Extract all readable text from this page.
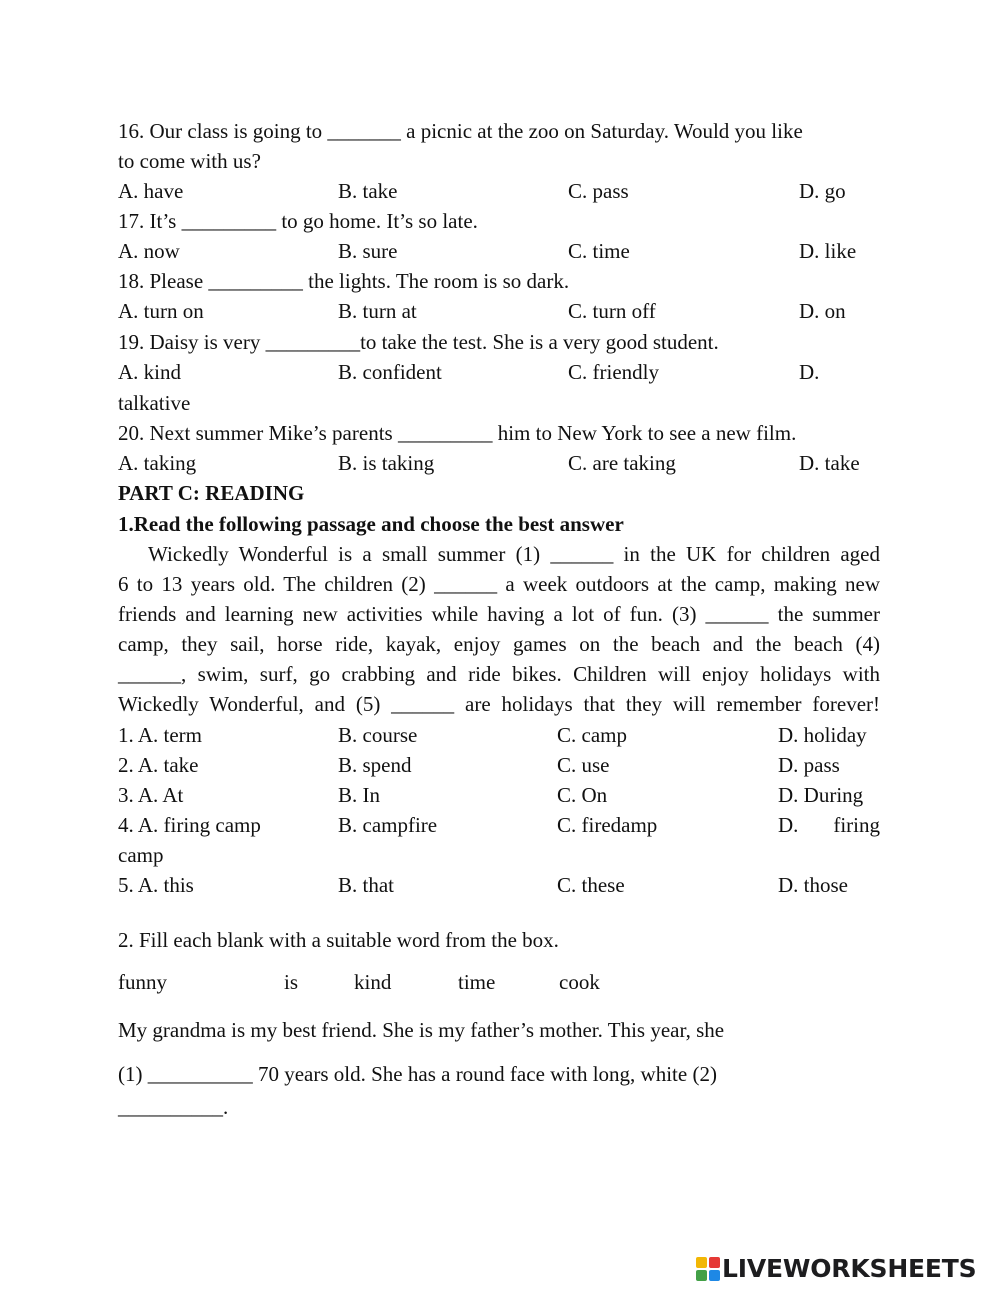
16. Our class is going to _______ a picnic at the zoo on Saturday. Would you like
to come with us?
A. have	B. take	C. pass	D. go
17. It’s _________ to go home. It’s so late.
A. now	B. sure	C. time	D. like
18. Please _________ the lights. The room is so dark.
A. turn on	B. turn at	C. turn off	D. on
19. Daisy is very _________to take the test. She is a very good student.
A. kind	B. confident	C. friendly	D.
talkative
20. Next summer Mike’s parents _________ him to New York to see a new film.
A. taking	B. is taking	C. are taking	D. take
PART C: READING
1.Read the following passage and choose the best answer
Wickedly Wonderful is a small summer (1) ______ in the UK for children aged
6 to 13 years old. The children (2) ______ a week outdoors at the camp, making new
friends and learning new activities while having a lot of fun. (3) ______ the summer
camp, they sail, horse ride, kayak, enjoy games on the beach and the beach (4)
______, swim, surf, go crabbing and ride bikes. Children will enjoy holidays with
Wickedly Wonderful, and (5) ______ are holidays that they will remember forever!
1. A. term	B. course	C. camp	D. holiday
2. A. take	B. spend	C. use	D. pass
3. A. At	B. In	C. On	D. During
4. A. firing camp	B. campfire	C. firedamp	D. firing
camp
5. A. this	B. that	C. these	D. those
2. Fill each blank with a suitable word from the box.
funny	is	kind	time	cook
My grandma is my best friend. She is my father’s mother. This year, she
(1) __________ 70 years old. She has a round face with long, white (2)
__________.
LIVEWORKSHEETS
